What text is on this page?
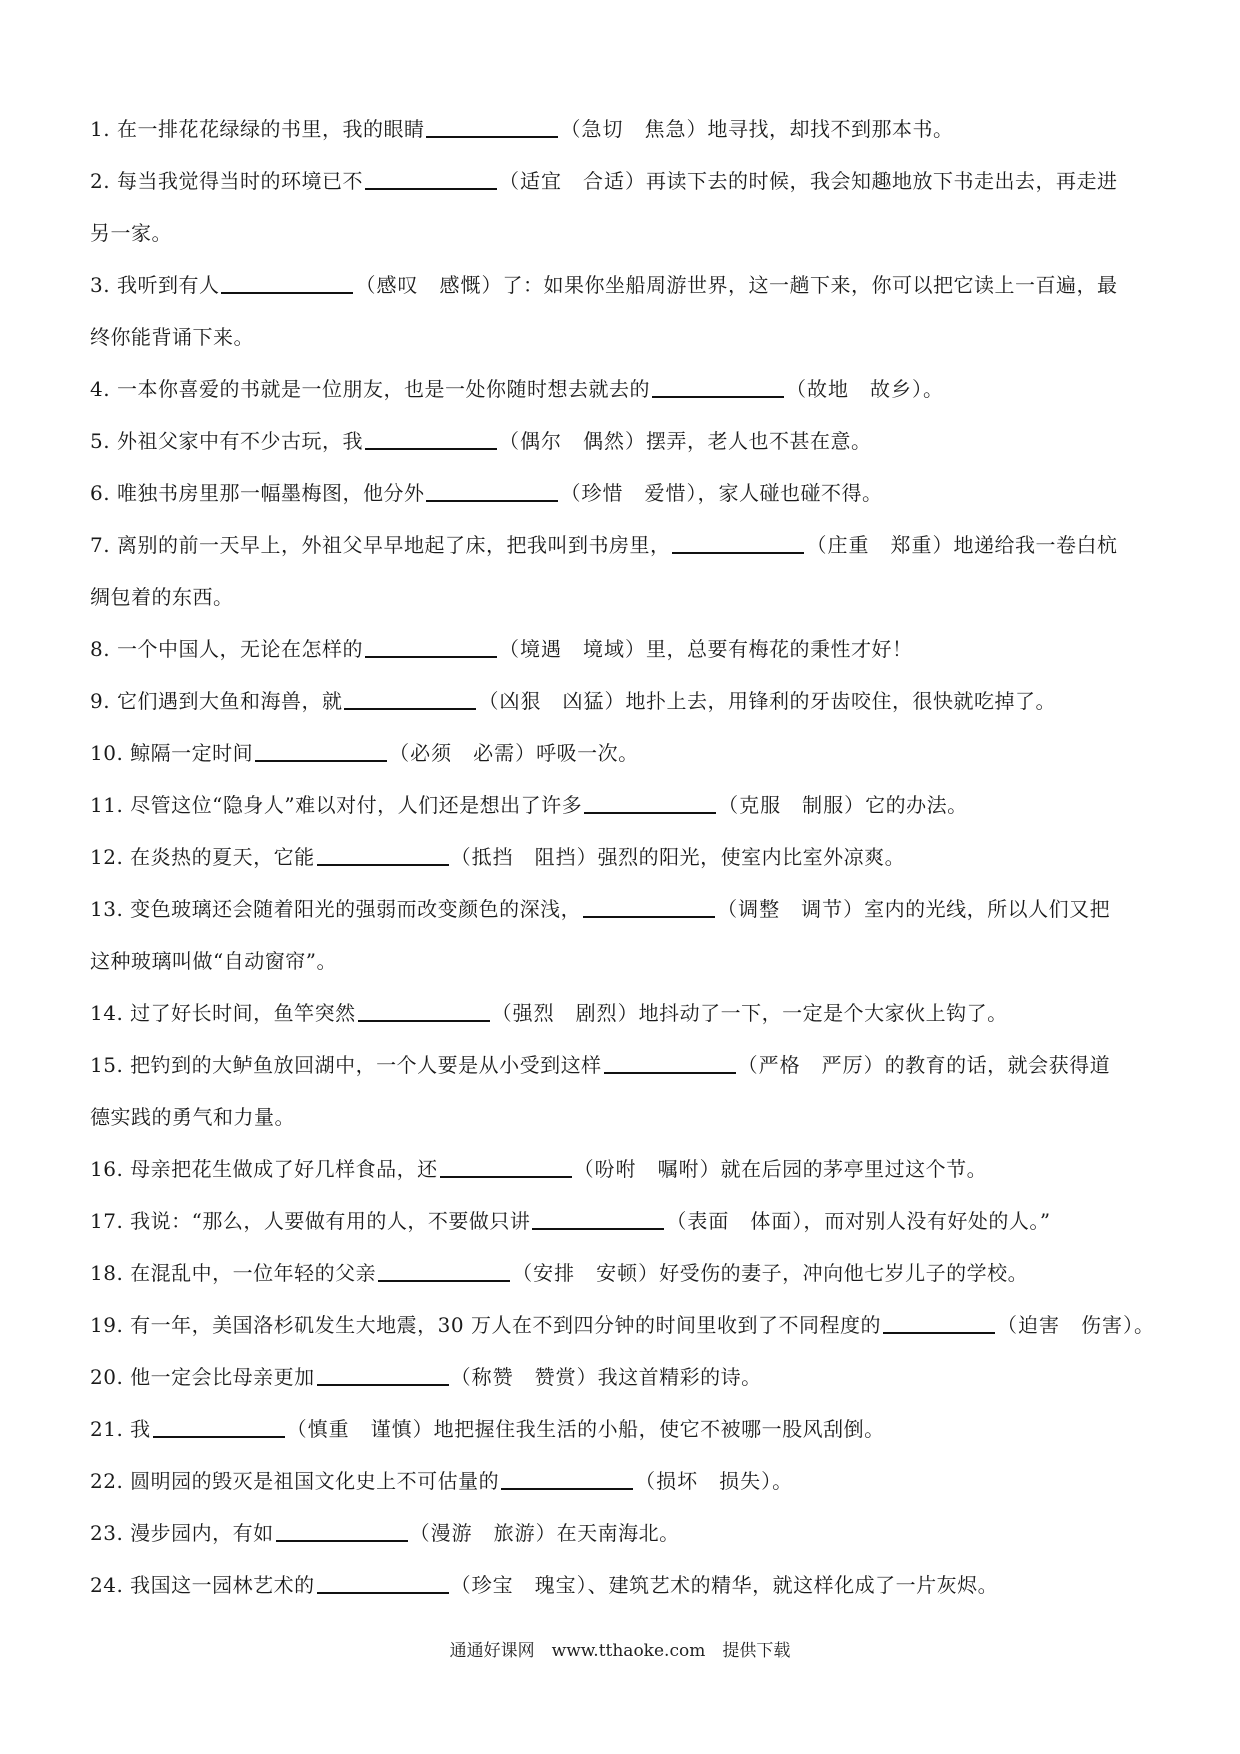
1. 在一排花花绿绿的书里，我的眼睛	（急切　焦急）地寻找，却找不到那本书。
2. 每当我觉得当时的环境已不	（适宜　合适）再读下去的时候，我会知趣地放下书走出去，再走进
另一家。
3. 我听到有人	（感叹　感慨）了：如果你坐船周游世界，这一趟下来，你可以把它读上一百遍，最
终你能背诵下来。
4. 一本你喜爱的书就是一位朋友，也是一处你随时想去就去的	（故地　故乡）。
5. 外祖父家中有不少古玩，我	（偶尔　偶然）摆弄，老人也不甚在意。
6. 唯独书房里那一幅墨梅图，他分外	（珍惜　爱惜），家人碰也碰不得。
7. 离别的前一天早上，外祖父早早地起了床，把我叫到书房里，	（庄重　郑重）地递给我一卷白杭
绸包着的东西。
8. 一个中国人，无论在怎样的	（境遇　境域）里，总要有梅花的秉性才好！
9. 它们遇到大鱼和海兽，就	（凶狠　凶猛）地扑上去，用锋利的牙齿咬住，很快就吃掉了。
10. 鲸隔一定时间	（必须　必需）呼吸一次。
11. 尽管这位“隐身人”难以对付，人们还是想出了许多	（克服　制服）它的办法。
12. 在炎热的夏天，它能	（抵挡　阻挡）强烈的阳光，使室内比室外凉爽。
13. 变色玻璃还会随着阳光的强弱而改变颜色的深浅，	（调整　调节）室内的光线，所以人们又把
这种玻璃叫做“自动窗帘”。
14. 过了好长时间，鱼竿突然	（强烈　剧烈）地抖动了一下，一定是个大家伙上钩了。
15. 把钓到的大鲈鱼放回湖中，一个人要是从小受到这样	（严格　严厉）的教育的话，就会获得道
德实践的勇气和力量。
16. 母亲把花生做成了好几样食品，还	（吩咐　嘱咐）就在后园的茅亭里过这个节。
17. 我说：“那么，人要做有用的人，不要做只讲	（表面　体面），而对别人没有好处的人。”
18. 在混乱中，一位年轻的父亲	（安排　安顿）好受伤的妻子，冲向他七岁儿子的学校。
19. 有一年，美国洛杉矶发生大地震，30 万人在不到四分钟的时间里收到了不同程度的	（迫害　伤害）。
20. 他一定会比母亲更加	（称赞　赞赏）我这首精彩的诗。
21. 我	（慎重　谨慎）地把握住我生活的小船，使它不被哪一股风刮倒。
22. 圆明园的毁灭是祖国文化史上不可估量的	（损坏　损失）。
23. 漫步园内，有如	（漫游　旅游）在天南海北。
24. 我国这一园林艺术的	（珍宝　瑰宝）、建筑艺术的精华，就这样化成了一片灰烬。
通通好课网　www.tthaoke.com　提供下载
